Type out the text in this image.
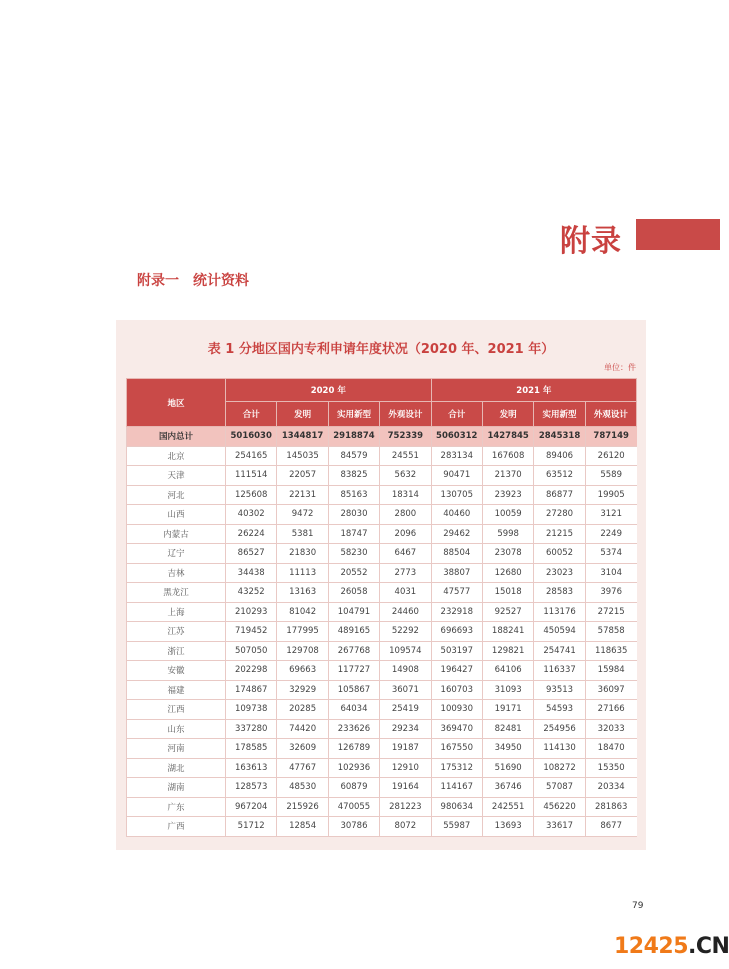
附录
附录一　统计资料
表 1 分地区国内专利申请年度状况（2020 年、2021 年）
单位：件
地区	2020 年				2021 年			
	合计	发明	实用新型	外观设计	合计	发明	实用新型	外观设计
国内总计	5016030	1344817	2918874	752339	5060312	1427845	2845318	787149
北京	254165	145035	84579	24551	283134	167608	89406	26120
天津	111514	22057	83825	5632	90471	21370	63512	5589
河北	125608	22131	85163	18314	130705	23923	86877	19905
山西	40302	9472	28030	2800	40460	10059	27280	3121
内蒙古	26224	5381	18747	2096	29462	5998	21215	2249
辽宁	86527	21830	58230	6467	88504	23078	60052	5374
吉林	34438	11113	20552	2773	38807	12680	23023	3104
黑龙江	43252	13163	26058	4031	47577	15018	28583	3976
上海	210293	81042	104791	24460	232918	92527	113176	27215
江苏	719452	177995	489165	52292	696693	188241	450594	57858
浙江	507050	129708	267768	109574	503197	129821	254741	118635
安徽	202298	69663	117727	14908	196427	64106	116337	15984
福建	174867	32929	105867	36071	160703	31093	93513	36097
江西	109738	20285	64034	25419	100930	19171	54593	27166
山东	337280	74420	233626	29234	369470	82481	254956	32033
河南	178585	32609	126789	19187	167550	34950	114130	18470
湖北	163613	47767	102936	12910	175312	51690	108272	15350
湖南	128573	48530	60879	19164	114167	36746	57087	20334
广东	967204	215926	470055	281223	980634	242551	456220	281863
广西	51712	12854	30786	8072	55987	13693	33617	8677
79
12425.CN
